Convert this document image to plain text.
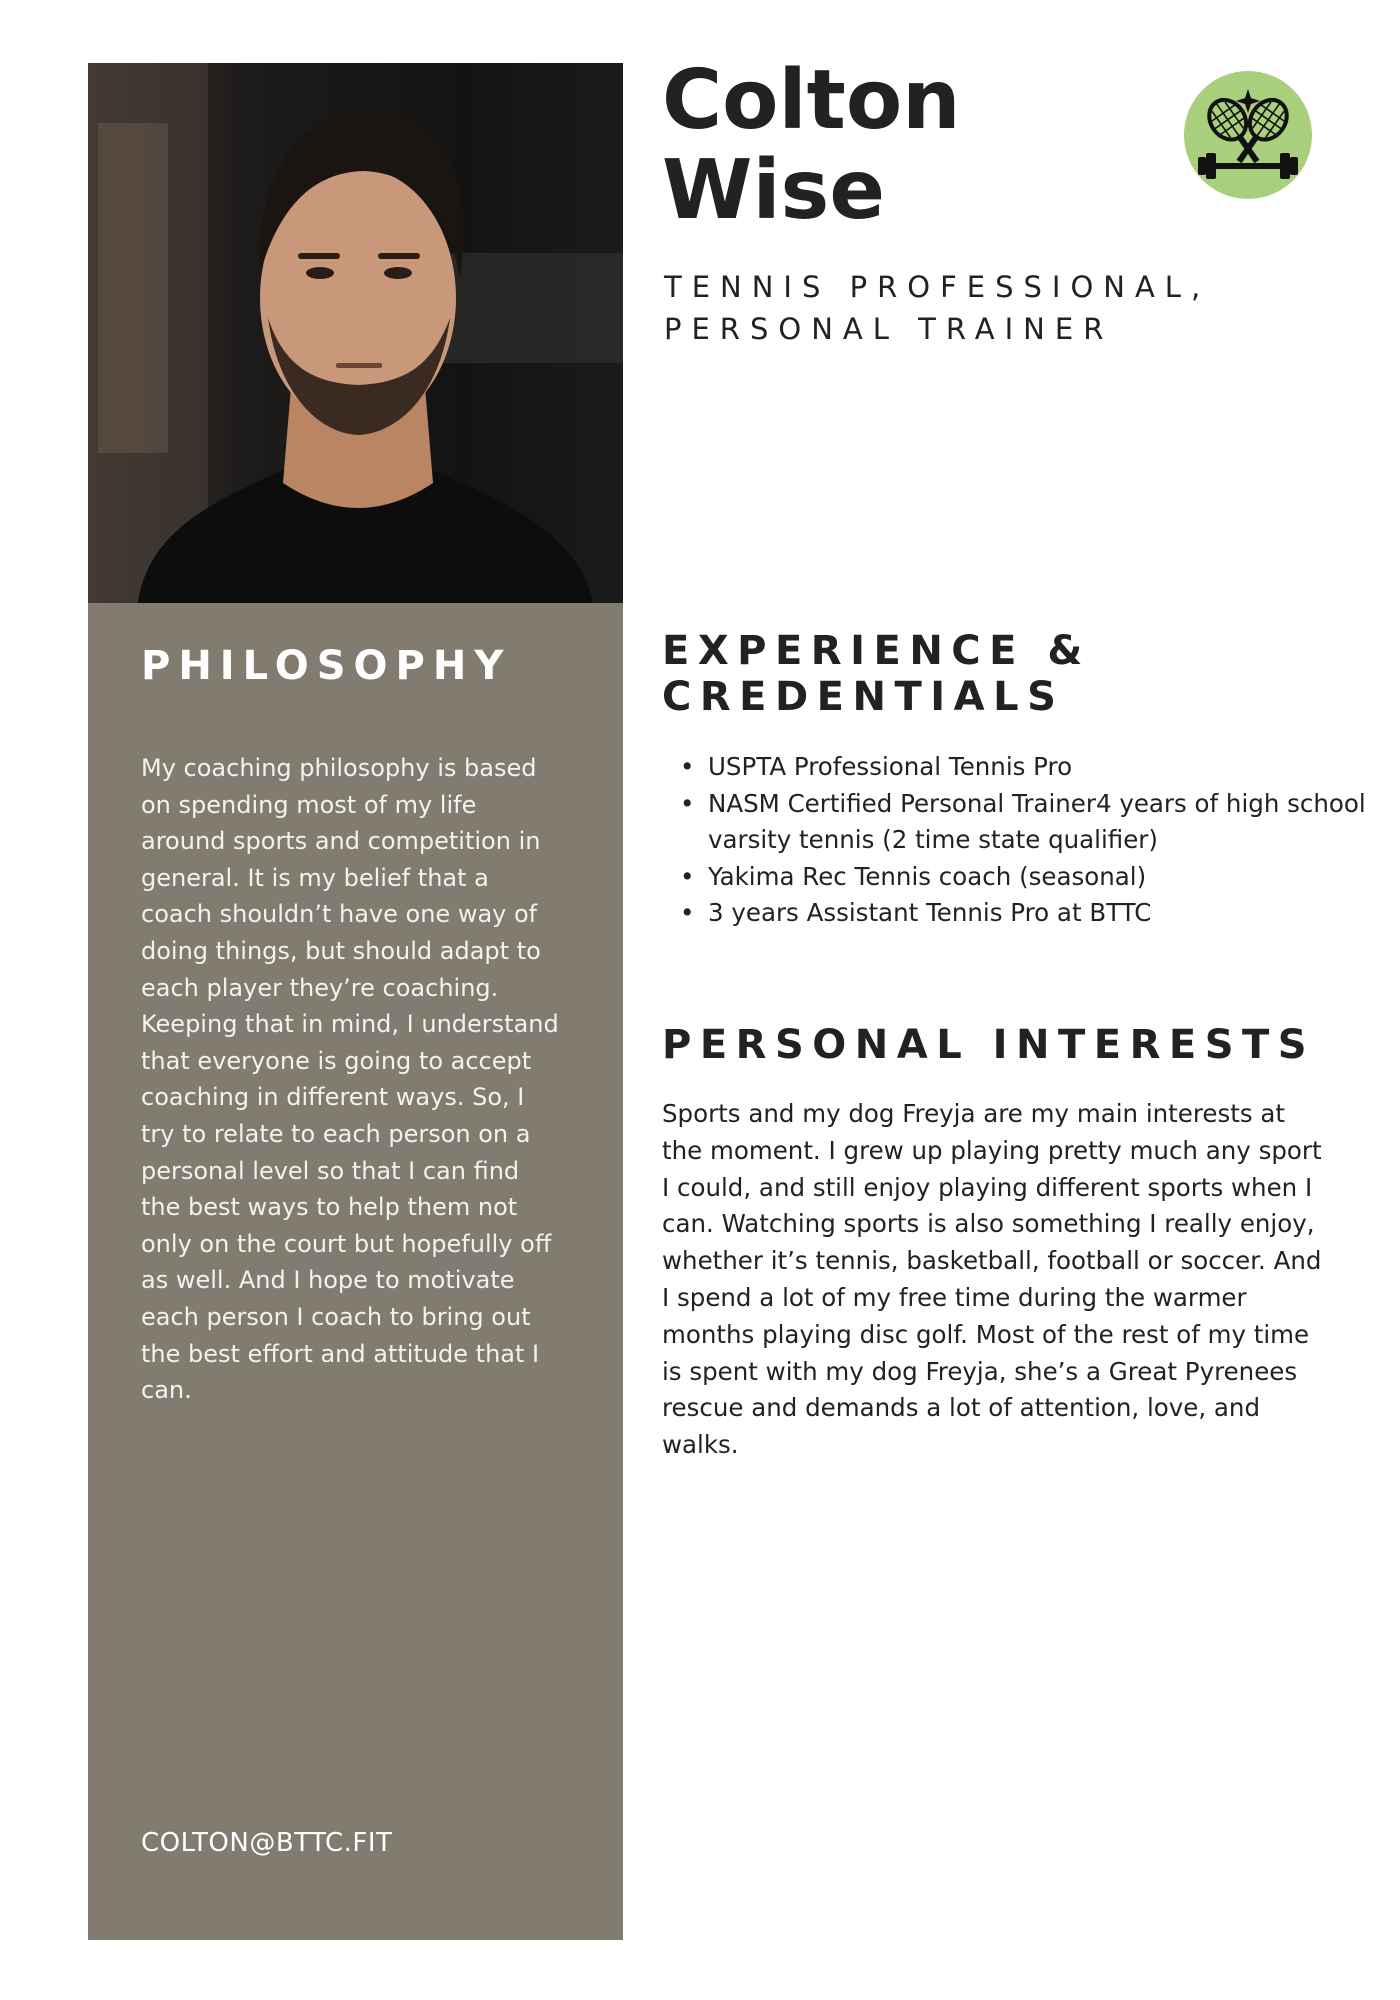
PHILOSOPHY

My coaching philosophy is based on spending most of my life around sports and competition in general. It is my belief that a coach shouldn’t have one way of doing things, but should adapt to each player they’re coaching. Keeping that in mind, I understand that everyone is going to accept coaching in different ways. So, I try to relate to each person on a personal level so that I can find the best ways to help them not only on the court but hopefully off as well. And I hope to motivate each person I coach to bring out the best effort and attitude that I can.

COLTON@BTTC.FIT

Colton
Wise

TENNIS PROFESSIONAL,
PERSONAL TRAINER

EXPERIENCE &
CREDENTIALS
• USPTA Professional Tennis Pro
• NASM Certified Personal Trainer4 years of high school varsity tennis (2 time state qualifier)
• Yakima Rec Tennis coach (seasonal)
• 3 years Assistant Tennis Pro at BTTC
PERSONAL INTERESTS

Sports and my dog Freyja are my main interests at the moment. I grew up playing pretty much any sport I could, and still enjoy playing different sports when I can. Watching sports is also something I really enjoy, whether it’s tennis, basketball, football or soccer. And I spend a lot of my free time during the warmer months playing disc golf. Most of the rest of my time is spent with my dog Freyja, she’s a Great Pyrenees rescue and demands a lot of attention, love, and walks.
